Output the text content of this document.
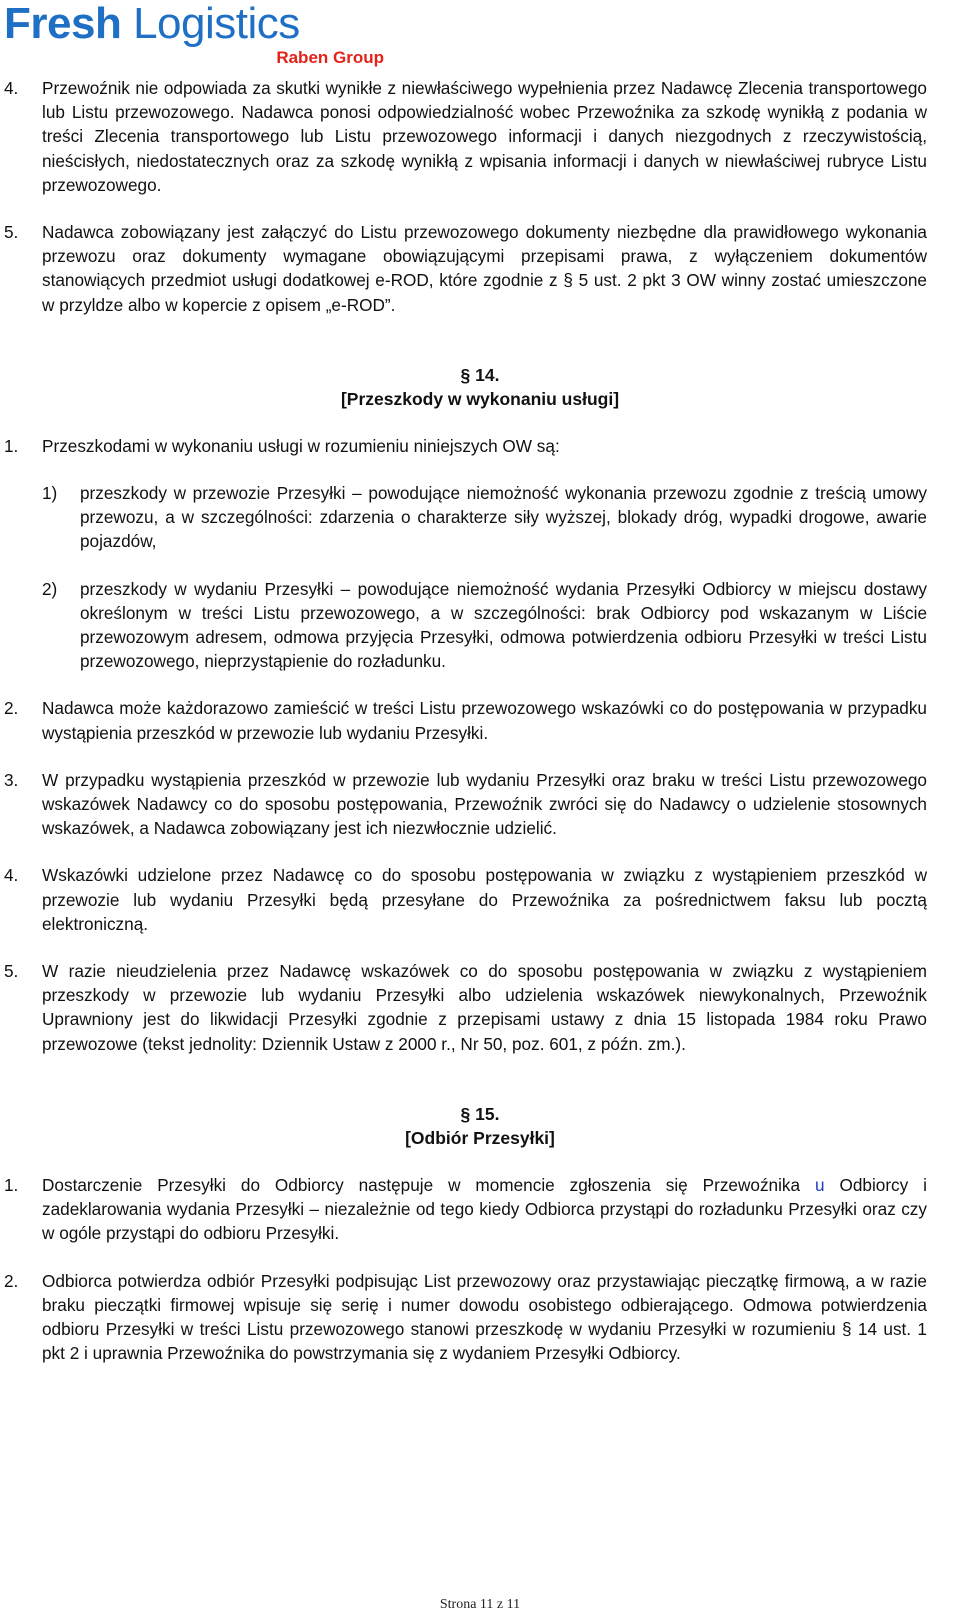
Fresh Logistics
Raben Group
4. Przewoźnik nie odpowiada za skutki wynikłe z niewłaściwego wypełnienia przez Nadawcę Zlecenia transportowego lub Listu przewozowego. Nadawca ponosi odpowiedzialność wobec Przewoźnika za szkodę wynikłą z podania w treści Zlecenia transportowego lub Listu przewozowego informacji i danych niezgodnych z rzeczywistością, nieścisłych, niedostatecznych oraz za szkodę wynikłą z wpisania informacji i danych w niewłaściwej rubryce Listu przewozowego.
5. Nadawca zobowiązany jest załączyć do Listu przewozowego dokumenty niezbędne dla prawidłowego wykonania przewozu oraz dokumenty wymagane obowiązującymi przepisami prawa, z wyłączeniem dokumentów stanowiących przedmiot usługi dodatkowej e-ROD, które zgodnie z § 5 ust. 2 pkt 3 OW winny zostać umieszczone w przyldze albo w kopercie z opisem „e-ROD”.
§ 14.
[Przeszkody w wykonaniu usługi]
1. Przeszkodami w wykonaniu usługi w rozumieniu niniejszych OW są:
1) przeszkody w przewozie Przesyłki – powodujące niemożność wykonania przewozu zgodnie z treścią umowy przewozu, a w szczególności: zdarzenia o charakterze siły wyższej, blokady dróg, wypadki drogowe, awarie pojazdów,
2) przeszkody w wydaniu Przesyłki – powodujące niemożność wydania Przesyłki Odbiorcy w miejscu dostawy określonym w treści Listu przewozowego, a w szczególności: brak Odbiorcy pod wskazanym w Liście przewozowym adresem, odmowa przyjęcia Przesyłki, odmowa potwierdzenia odbioru Przesyłki w treści Listu przewozowego, nieprzystąpienie do rozładunku.
2. Nadawca może każdorazowo zamieścić w treści Listu przewozowego wskazówki co do postępowania w przypadku wystąpienia przeszkód w przewozie lub wydaniu Przesyłki.
3. W przypadku wystąpienia przeszkód w przewozie lub wydaniu Przesyłki oraz braku w treści Listu przewozowego wskazówek Nadawcy co do sposobu postępowania, Przewoźnik zwróci się do Nadawcy o udzielenie stosownych wskazówek, a Nadawca zobowiązany jest ich niezwłocznie udzielić.
4. Wskazówki udzielone przez Nadawcę co do sposobu postępowania w związku z wystąpieniem przeszkód w przewozie lub wydaniu Przesyłki będą przesyłane do Przewoźnika za pośrednictwem faksu lub pocztą elektroniczną.
5. W razie nieudzielenia przez Nadawcę wskazówek co do sposobu postępowania w związku z wystąpieniem przeszkody w przewozie lub wydaniu Przesyłki albo udzielenia wskazówek niewykonalnych, Przewoźnik Uprawniony jest do likwidacji Przesyłki zgodnie z przepisami ustawy z dnia 15 listopada 1984 roku Prawo przewozowe (tekst jednolity: Dziennik Ustaw z 2000 r., Nr 50, poz. 601, z późn. zm.).
§ 15.
[Odbiór Przesyłki]
1. Dostarczenie Przesyłki do Odbiorcy następuje w momencie zgłoszenia się Przewoźnika u Odbiorcy i zadeklarowania wydania Przesyłki – niezależnie od tego kiedy Odbiorca przystąpi do rozładunku Przesyłki oraz czy w ogóle przystąpi do odbioru Przesyłki.
2. Odbiorca potwierdza odbiór Przesyłki podpisując List przewozowy oraz przystawiając pieczątkę firmową, a w razie braku pieczątki firmowej wpisuje się serię i numer dowodu osobistego odbierającego. Odmowa potwierdzenia odbioru Przesyłki w treści Listu przewozowego stanowi przeszkodę w wydaniu Przesyłki w rozumieniu § 14 ust. 1 pkt 2 i uprawnia Przewoźnika do powstrzymania się z wydaniem Przesyłki Odbiorcy.
Strona 11 z 11
